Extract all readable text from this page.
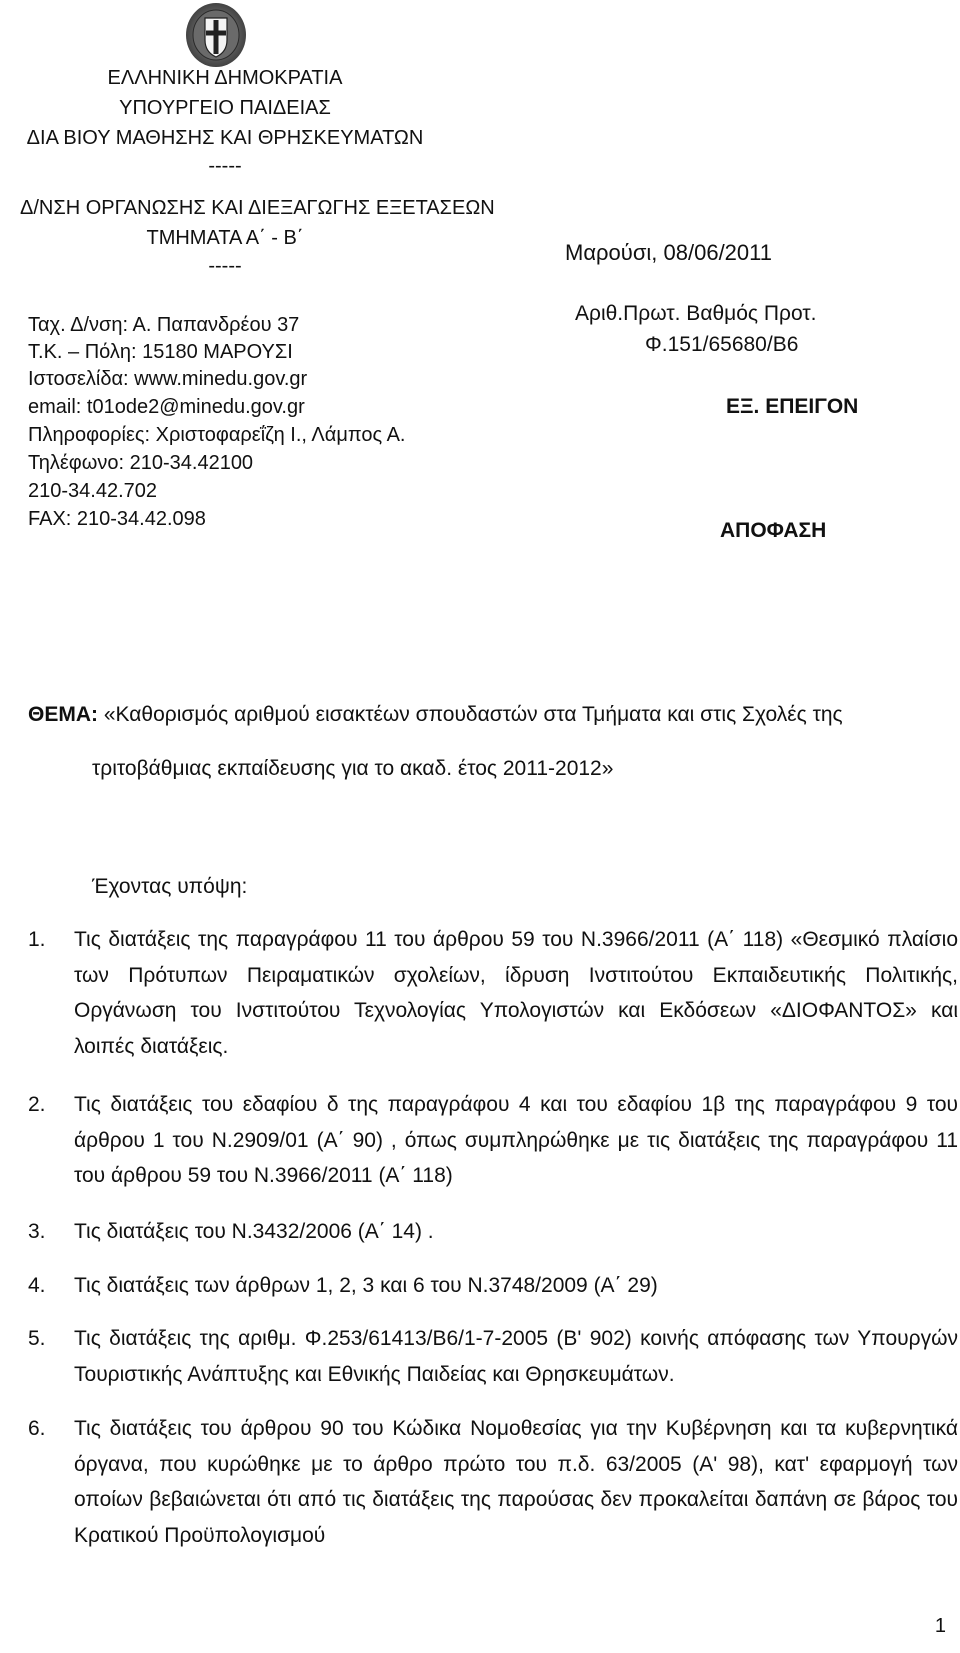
ΕΛΛΗΝΙΚΗ ΔΗΜΟΚΡΑΤΙΑ
ΥΠΟΥΡΓΕΙΟ ΠΑΙΔΕΙΑΣ
ΔΙΑ ΒΙΟΥ ΜΑΘΗΣΗΣ ΚΑΙ ΘΡΗΣΚΕΥΜΑΤΩΝ
-----
Δ/ΝΣΗ ΟΡΓΑΝΩΣΗΣ ΚΑΙ ΔΙΕΞΑΓΩΓΗΣ ΕΞΕΤΑΣΕΩΝ
ΤΜΗΜΑΤΑ Α΄ - Β΄
-----
Ταχ. Δ/νση: Α. Παπανδρέου 37
Τ.Κ. – Πόλη: 15180 ΜΑΡΟΥΣΙ
Ιστοσελίδα: www.minedu.gov.gr
email: t01ode2@minedu.gov.gr
Πληροφορίες: Χριστοφαρεΐζη Ι., Λάμπος Α.
Τηλέφωνο: 210-34.42100
210-34.42.702
FAX: 210-34.42.098
Μαρούσι, 08/06/2011
Αριθ.Πρωτ. Βαθμός Προτ.
Φ.151/65680/Β6
ΕΞ. ΕΠΕΙΓΟΝ
ΑΠΟΦΑΣΗ
ΘΕΜΑ: «Καθορισμός αριθμού εισακτέων σπουδαστών στα Τμήματα και στις Σχολές της
τριτοβάθμιας εκπαίδευσης για το ακαδ. έτος 2011-2012»
Έχοντας υπόψη:
1. Τις διατάξεις της παραγράφου 11 του άρθρου 59 του Ν.3966/2011 (Α΄ 118) «Θεσμικό πλαίσιο των Πρότυπων Πειραματικών σχολείων, ίδρυση Ινστιτούτου Εκπαιδευτικής Πολιτικής, Οργάνωση του Ινστιτούτου Τεχνολογίας Υπολογιστών και Εκδόσεων «ΔΙΟΦΑΝΤΟΣ» και λοιπές διατάξεις.
2. Τις διατάξεις του εδαφίου δ της παραγράφου 4 και του εδαφίου 1β της παραγράφου 9 του άρθρου 1 του Ν.2909/01 (Α΄ 90) , όπως συμπληρώθηκε με τις διατάξεις της παραγράφου 11 του άρθρου 59 του Ν.3966/2011 (Α΄ 118)
3. Τις διατάξεις του Ν.3432/2006 (Α΄ 14) .
4. Τις διατάξεις των άρθρων 1, 2, 3 και 6 του Ν.3748/2009 (Α΄ 29)
5. Τις διατάξεις της αριθμ. Φ.253/61413/Β6/1-7-2005 (Β' 902) κοινής απόφασης των Υπουργών Τουριστικής Ανάπτυξης και Εθνικής Παιδείας και Θρησκευμάτων.
6. Τις διατάξεις του άρθρου 90 του Κώδικα Νομοθεσίας για την Κυβέρνηση και τα κυβερνητικά όργανα, που κυρώθηκε με το άρθρο πρώτο του π.δ. 63/2005 (Α' 98), κατ' εφαρμογή των οποίων βεβαιώνεται ότι από τις διατάξεις της παρούσας δεν προκαλείται δαπάνη σε βάρος του Κρατικού Προϋπολογισμού
1
